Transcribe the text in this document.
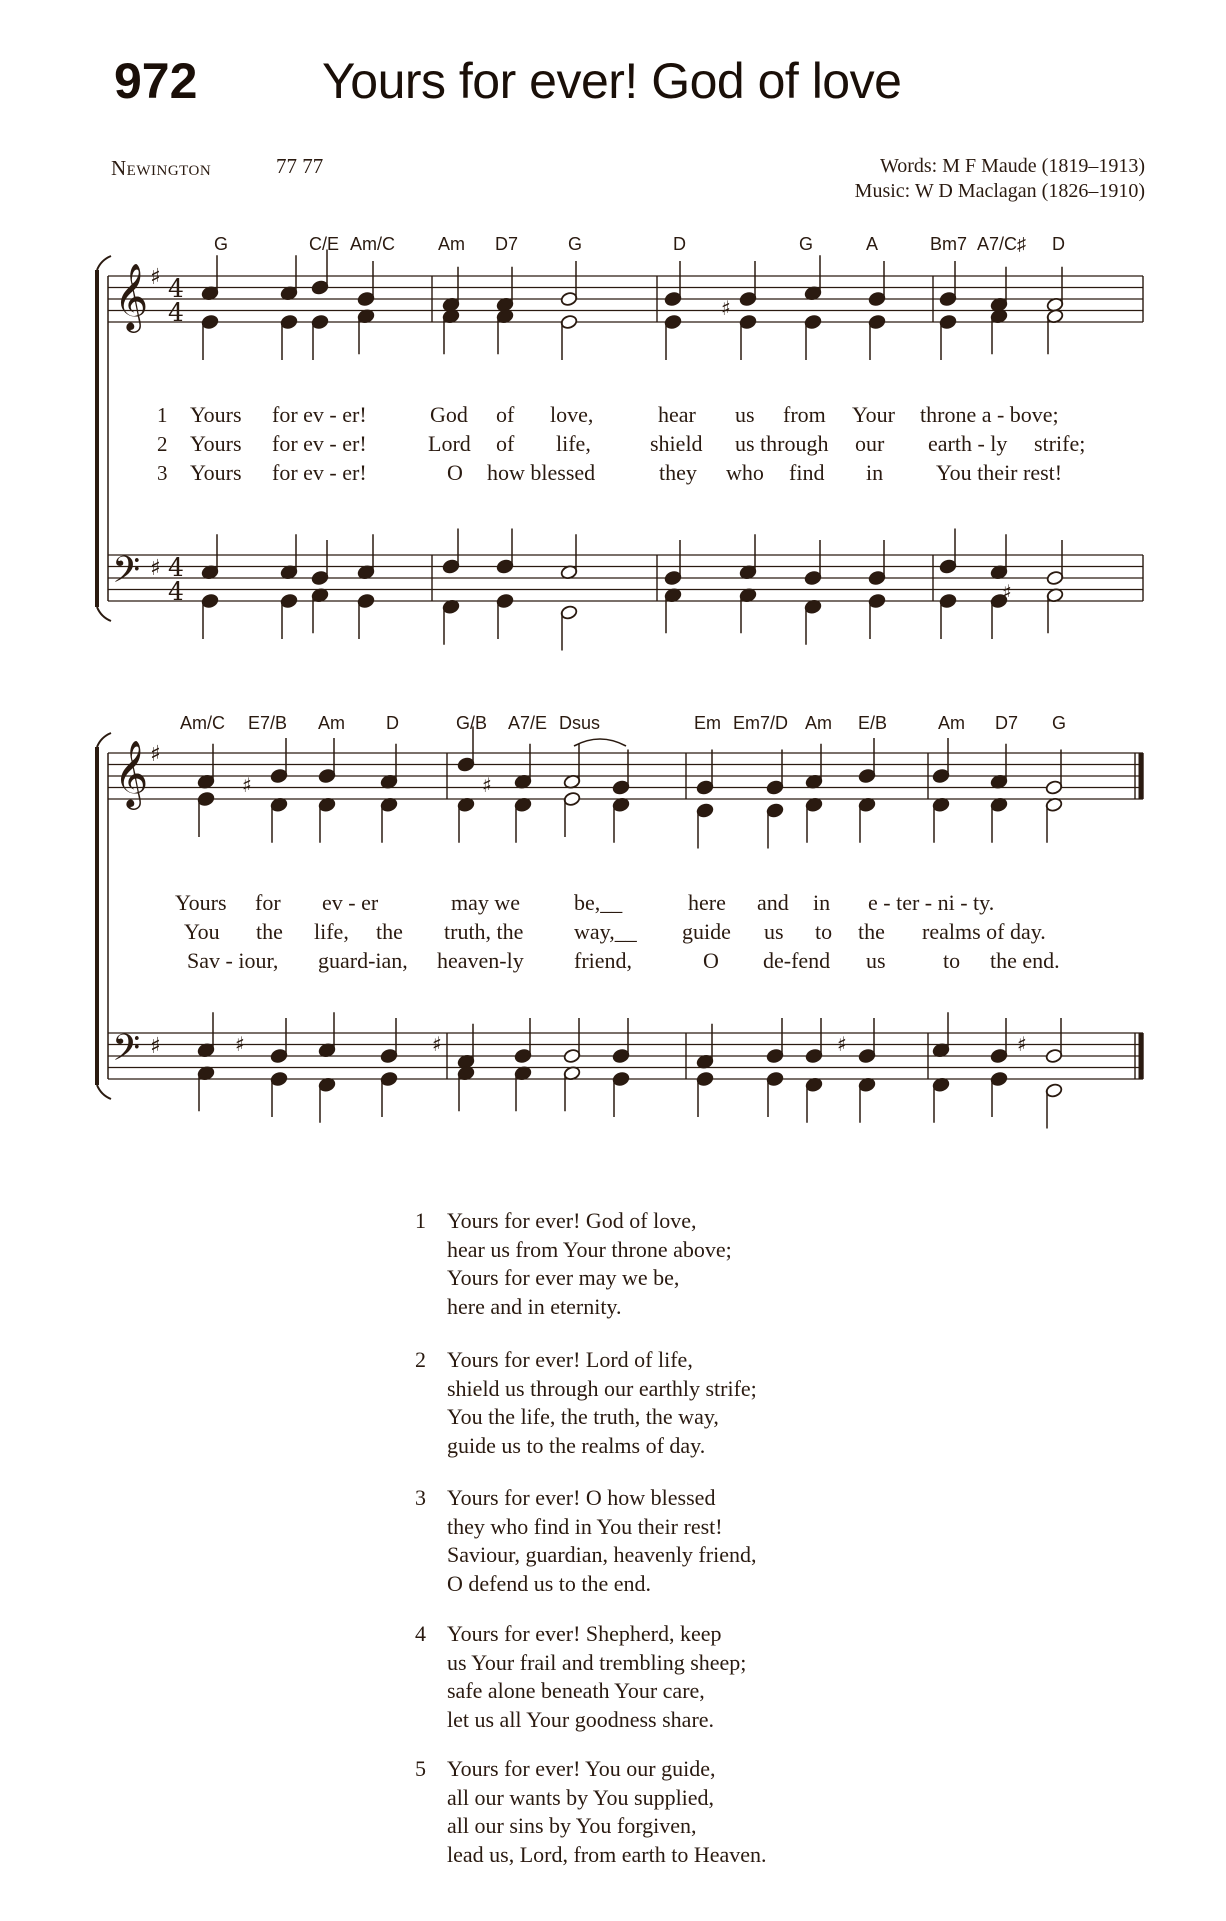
972 Yours for ever! God of love
Newington	77 77	Words: M F Maude (1819–1913)
Music: W D Maclagan (1826–1910)
G	C/E Am/C Am D7	G	D	G	A	Bm7 A7/C♯ D
Am/C E7/B Am D	G/B A7/E Dsus	Em Em7/D Am E/B	Am D7 G
𝄞 ♯ 4
4
𝄢 ♯ 4
4
𝄞 ♯
𝄢 ♯
♯
♯
♯	♯
♯	♯	♯
♯
1 Yours for ev - er!	God of love,	hear us from Your throne a - bove;
2 Yours for ev - er!	Lord of life,	shield us through our earth - ly strife;
3 Yours for ev - er!	O how blessed	they who find in You their rest!
Yours for ev - er	may we be,__	here and in e - ter - ni - ty.
You the life, the truth, the way,__ guide us to the realms of day.
Sav - iour, guard-ian, heaven-ly friend,	O de-fend us	to the end.
1 Yours for ever! God of love,
hear us from Your throne above;
Yours for ever may we be,
here and in eternity.
2 Yours for ever! Lord of life,
shield us through our earthly strife;
You the life, the truth, the way,
guide us to the realms of day.
3 Yours for ever! O how blessed
they who find in You their rest!
Saviour, guardian, heavenly friend,
O defend us to the end.
4 Yours for ever! Shepherd, keep
us Your frail and trembling sheep;
safe alone beneath Your care,
let us all Your goodness share.
5 Yours for ever! You our guide,
all our wants by You supplied,
all our sins by You forgiven,
lead us, Lord, from earth to Heaven.
